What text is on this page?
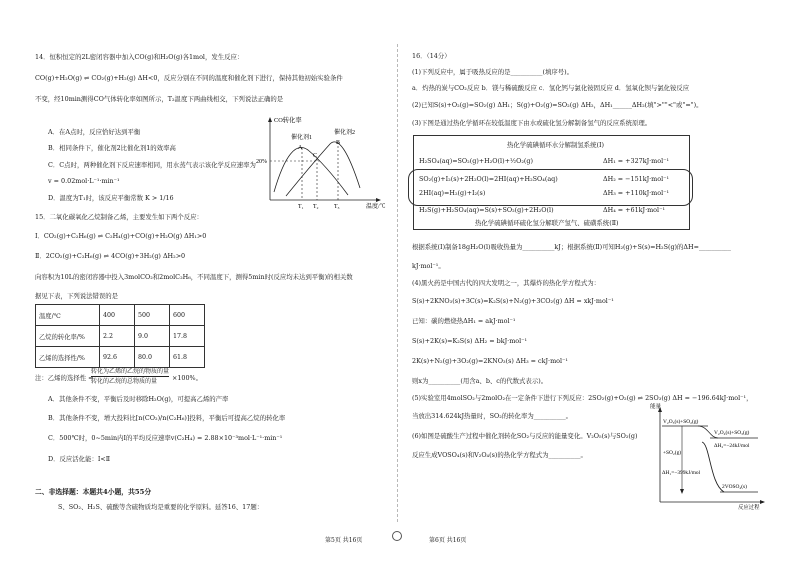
14．恒积恒定的2L密闭容器中加入CO(g)和H₂O(g)各1mol，发生反应：
CO(g)+H₂O(g) ⇌ CO₂(g)+H₂(g) ΔH<0，反应分别在不同的温度和催化剂下进行，保持其他初始实验条件
不变，经10min测得CO气体转化率如图所示，T₂温度下两曲线相交，下列说法正确的是
A．在A点时，反应恰好达到平衡
B．相同条件下，催化剂2比催化剂1的效率高
C．C点时，两种催化剂下反应速率相同，用水蒸气表示该化学反应速率为
v = 0.02mol·L⁻¹·min⁻¹
D．温度为T₁时，该反应平衡常数 K > 1/16
CO转化率
催化剂1
催化剂2
A
B
C
20%
T₁ T₂	T₃	温度/℃
15．二氧化碳氧化乙烷制备乙烯，主要发生如下两个反应：
Ⅰ．CO₂(g)+C₂H₆(g) ⇌ C₂H₄(g)+CO(g)+H₂O(g) ΔH₁>0
Ⅱ．2CO₂(g)+C₂H₆(g) ⇌ 4CO(g)+3H₂(g) ΔH₂>0
向容积为10L的密闭容器中投入3molCO₂和2molC₂H₆，不同温度下，测得5min时(反应均未达到平衡)的相关数
据见下表，下列说法错误的是
温度/℃	400	500	600
乙烷的转化率/%	2.2	9.0	17.8
乙烯的选择性/%	92.6	80.0	61.8
注：乙烯的选择性 =
转化为乙烯的乙烷的物质的量
转化的乙烷的总物质的量 ×100%。
A．其他条件不变，平衡后及时移除H₂O(g)，可提高乙烯的产率
B．其他条件不变，增大投料比[n(CO₂)/n(C₂H₆)]投料，平衡后可提高乙烷的转化率
C．500℃时，0~5min内Ⅰ的平均反应速率v(C₂H₄) = 2.88×10⁻³mol·L⁻¹·min⁻¹
D．反应活化能：Ⅰ<Ⅱ
二、非选择题：本题共4小题，共55分
S、SO₂、H₂S、硫酸等含硫物质均是重要的化学原料。延答16、17题：
第5页 共16页
16．（14分）
(1)下列反应中，属于吸热反应的是__________(填序号)。
a．灼热的炭与CO₂反应 b．镁与稀硫酸反应 c．氢化钙与氯化铵固反应 d．氢氧化钡与氯化铵反应
(2)已知S(s)+O₂(g)=SO₂(g) ΔH₁；S(g)+O₂(g)=SO₂(g) ΔH₂，ΔH₁______ΔH₂(填">""<"或"=")。
(3)下图是通过热化学循环在较低温度下由水或硫化氢分解制备氢气的反应系统原理。
热化学硫碘循环水分解制氢系统(Ⅰ)
H₂SO₄(aq)=SO₂(g)+H₂O(l)+½O₂(g)	ΔH₁ = +327kJ·mol⁻¹
SO₂(g)+I₂(s)+2H₂O(l)=2HI(aq)+H₂SO₄(aq)	ΔH₂ = −151kJ·mol⁻¹
2HI(aq)=H₂(g)+I₂(s)	ΔH₃ = +110kJ·mol⁻¹
H₂S(g)+H₂SO₄(aq)=S(s)+SO₂(g)+2H₂O(l)	ΔH₄ = +61kJ·mol⁻¹
热化学硫碘循环硫化氢分解联产氢气、硫磺系统(Ⅱ)
根据系统(Ⅰ)制备18gH₂O(l)吸收热量为__________kJ；根据系统(Ⅱ)可知H₂(g)+S(s)=H₂S(g)的ΔH=__________
kJ·mol⁻¹。
(4)黑火药是中国古代的四大发明之一，其爆炸的热化学方程式为：
S(s)+2KNO₃(s)+3C(s)=K₂S(s)+N₂(g)+3CO₂(g) ΔH = xkJ·mol⁻¹
已知：碳的燃烧热ΔH₁ = akJ·mol⁻¹
S(s)+2K(s)=K₂S(s) ΔH₂ = bkJ·mol⁻¹
2K(s)+N₂(g)+3O₂(g)=2KNO₃(s) ΔH₃ = ckJ·mol⁻¹
则x为__________(用含a、b、c的代数式表示)。
(5)实验室用4molSO₂与2molO₂在一定条件下进行下列反应：2SO₂(g)+O₂(g) ⇌ 2SO₃(g) ΔH = −196.64kJ·mol⁻¹，
当放出314.624kJ热量时，SO₂的转化率为__________。
(6)如图是硫酸生产过程中催化剂转化SO₂与反应的能量变化。V₂O₅(s)与SO₂(g)
反应生成VOSO₄(s)和V₂O₄(s)的热化学方程式为__________。
能量
V₂O₅(s)+SO₂(g)
V₂O₄(s)+SO₃(g)
ΔH₂=−24kJ/mol
+SO₂(g)
ΔH₁=−399kJ/mol
2VOSO₄(s)
反应过程
第6页 共16页
